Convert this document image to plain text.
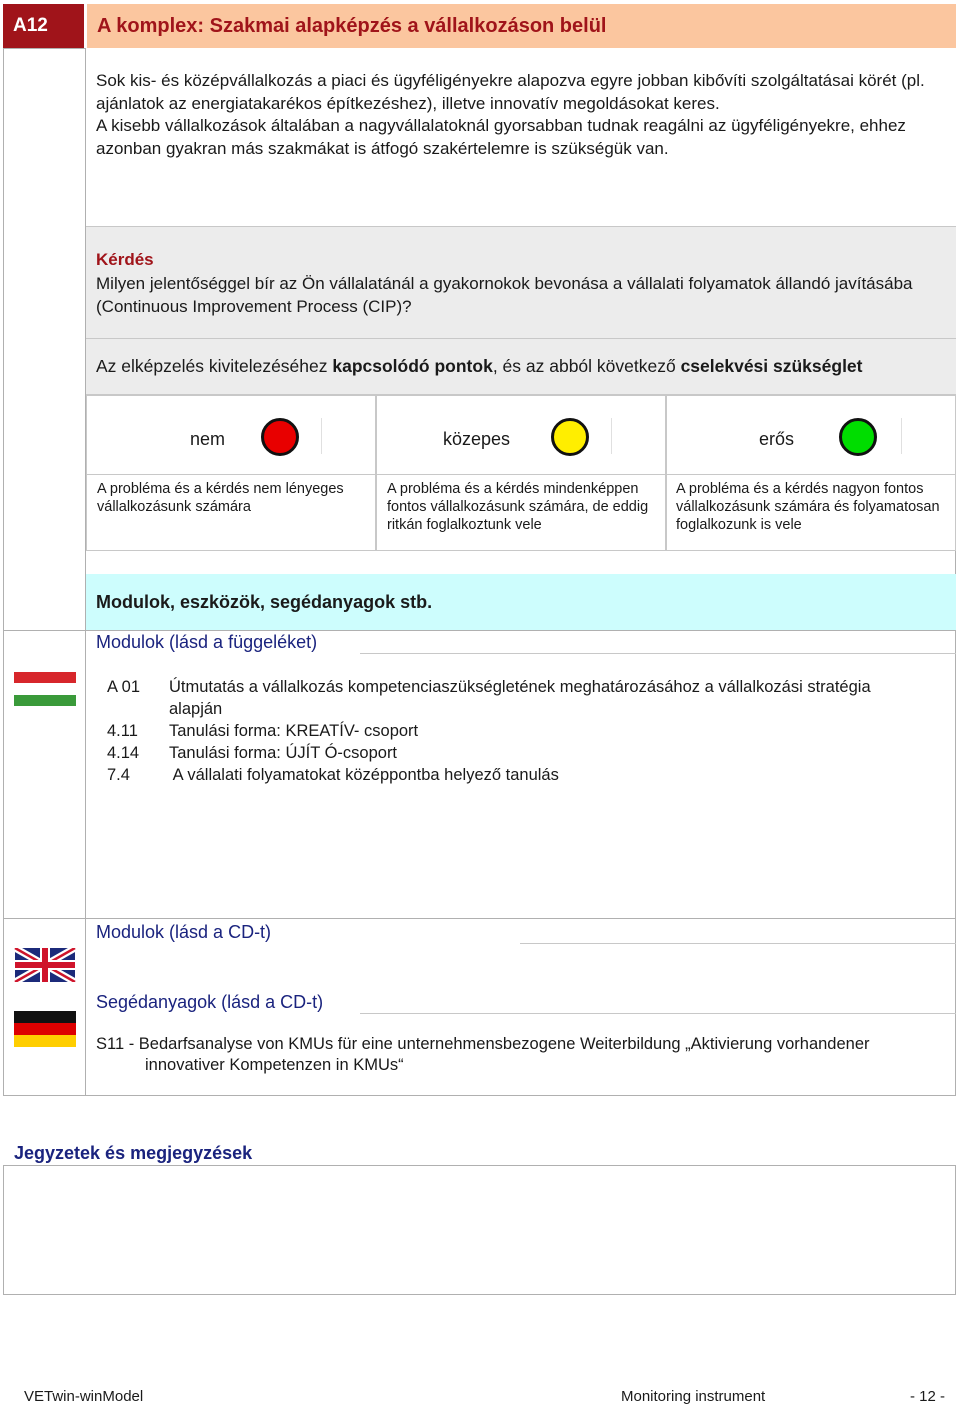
A12	A komplex: Szakmai alapképzés a vállalkozáson belül

Sok kis- és középvállalkozás a piaci és ügyféligényekre alapozva egyre jobban kibővíti szolgáltatásai körét (pl. ajánlatok az energiatakarékos építkezéshez), illetve innovatív megoldásokat keres.

A kisebb vállalkozások általában a nagyvállalatoknál gyorsabban tudnak reagálni az ügyféligényekre, ehhez azonban gyakran más szakmákat is átfogó szakértelemre is szükségük van.

Kérdés
Milyen jelentőséggel bír az Ön vállalatánál a gyakornokok bevonása a vállalati folyamatok állandó javításába (Continuous Improvement Process (CIP)?
Az elképzelés kivitelezéséhez kapcsolódó pontok, és az abból következő cselekvési szükséglet
nem
A probléma és a kérdés nem lényeges vállalkozásunk számára
közepes
A probléma és a kérdés mindenképpen fontos vállalkozásunk számára, de eddig ritkán foglalkoztunk vele
erős
A probléma és a kérdés nagyon fontos vállalkozásunk számára és folyamatosan foglalkozunk is vele
Modulok, eszközök, segédanyagok stb.
Modulok (lásd a függeléket)
A 01	Útmutatás a vállalkozás kompetenciaszükségletének meghatározásához a vállalkozási stratégia alapján
4.11	Tanulási forma: KREATÍV- csoport
4.14	Tanulási forma: ÚJÍT Ó-csoport
7.4	A vállalati folyamatokat középpontba helyező tanulás
Modulok (lásd a CD-t)
Segédanyagok (lásd a CD-t)
S11 - Bedarfsanalyse von KMUs für eine unternehmensbezogene Weiterbildung „Aktivierung vorhandener
innovativer Kompetenzen in KMUs“
Jegyzetek és megjegyzések
VETwin-winModel	Monitoring instrument	- 12 -
